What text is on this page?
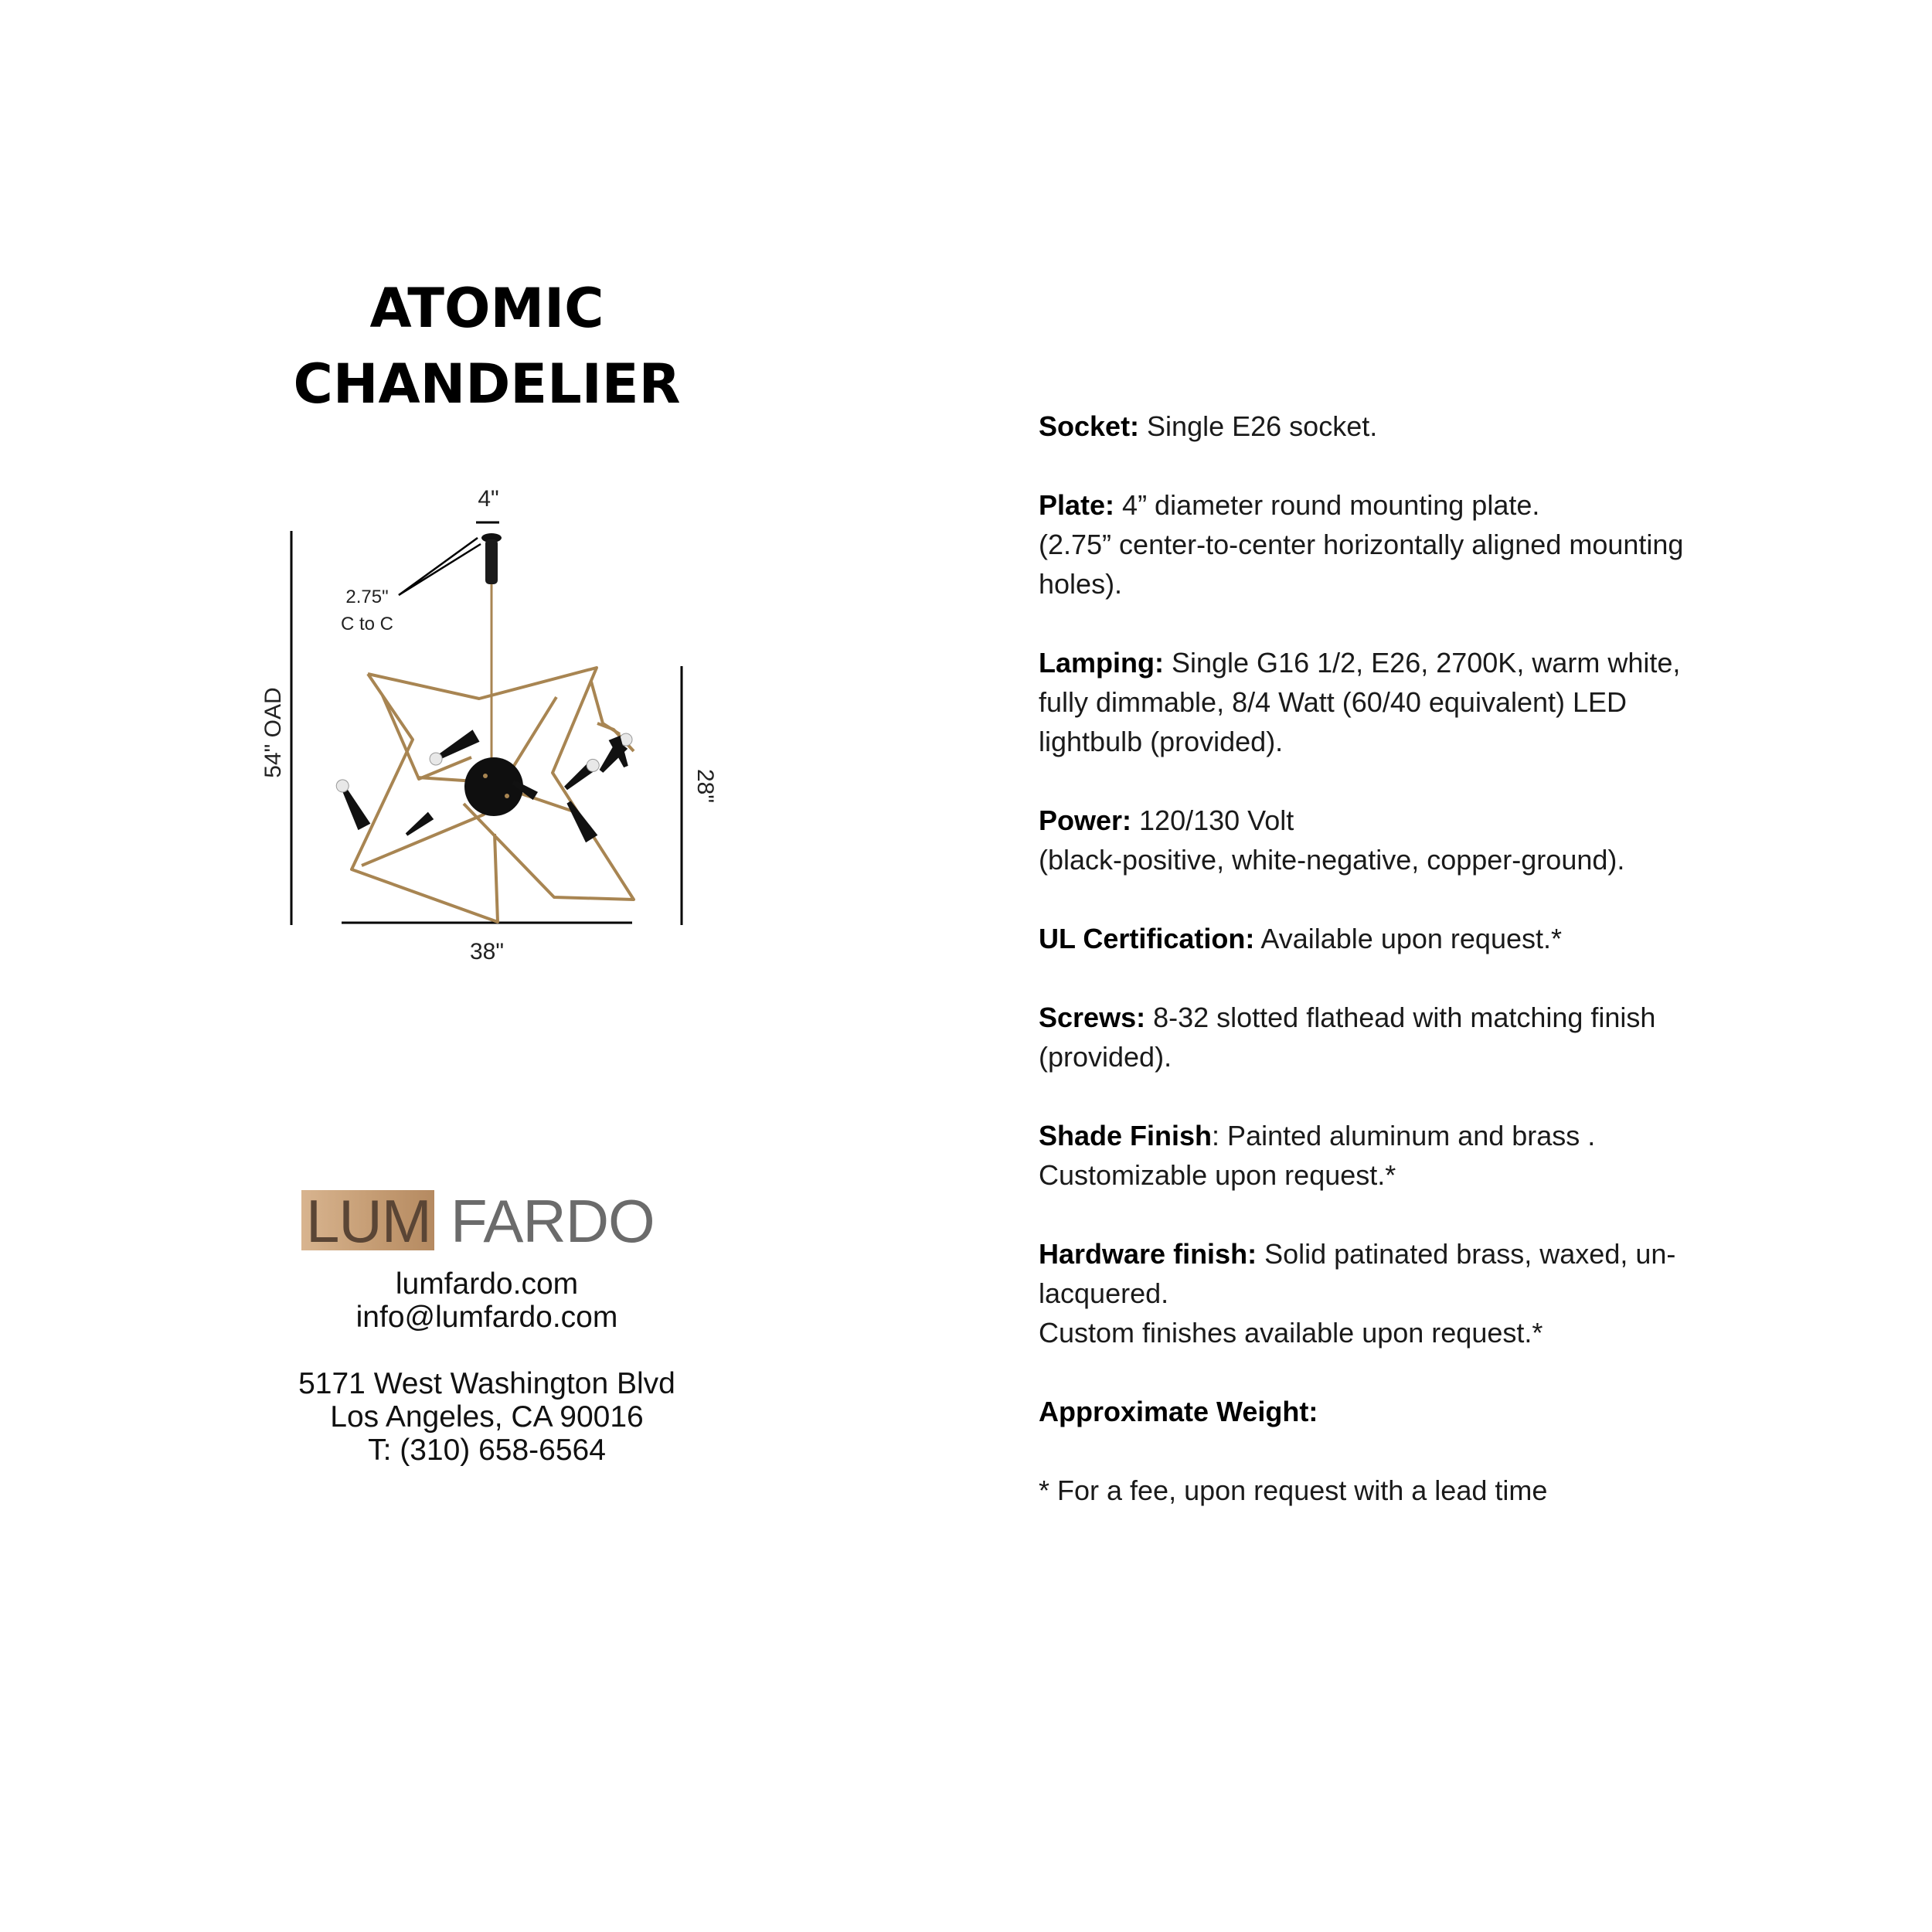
ATOMIC
CHANDELIER
54" OAD
28"
38"
4"
2.75"
C to C
LUM FARDO
lumfardo.com
info@lumfardo.com
5171 West Washington Blvd
Los Angeles, CA 90016
T: (310) 658-6564
Socket: Single E26 socket.
Plate: 4” diameter round mounting plate.
(2.75” center-to-center horizontally aligned mounting
holes).
Lamping: Single G16 1/2, E26, 2700K, warm white,
fully dimmable, 8/4 Watt (60/40 equivalent) LED
lightbulb (provided).
Power: 120/130 Volt
(black-positive, white-negative, copper-ground).
UL Certification: Available upon request.*
Screws: 8-32 slotted flathead with matching finish
(provided).
Shade Finish: Painted aluminum and brass .
Customizable upon request.*
Hardware finish: Solid patinated brass, waxed, un-
lacquered.
Custom finishes available upon request.*
Approximate Weight:
* For a fee, upon request with a lead time
